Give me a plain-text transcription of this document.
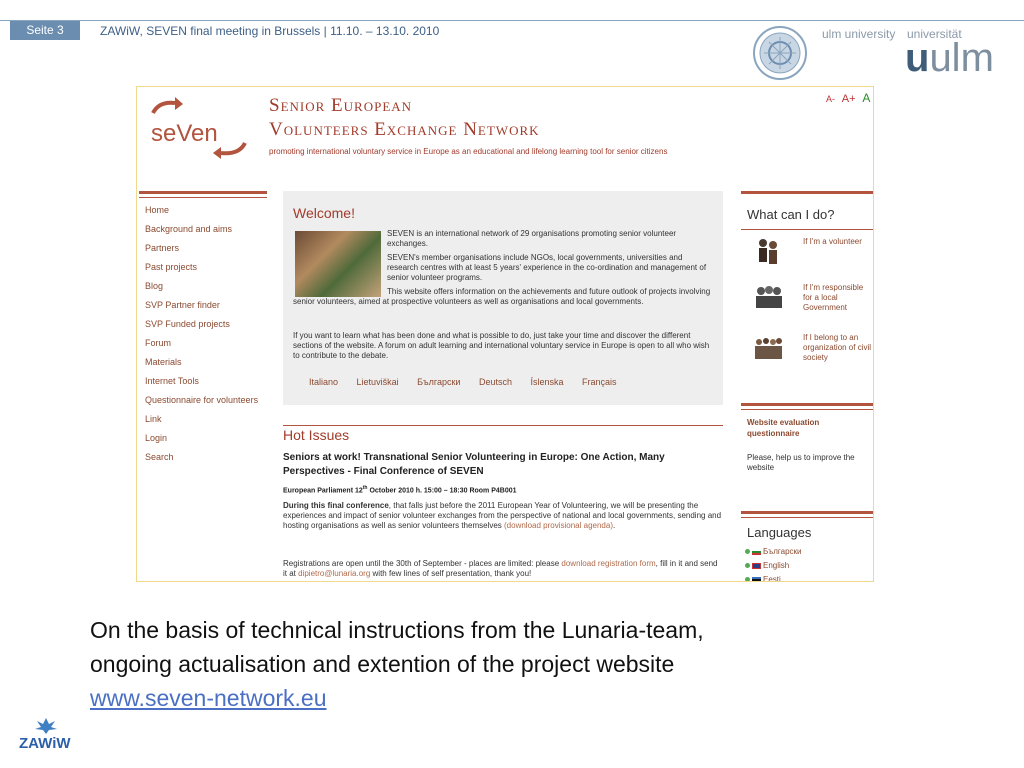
Seite 3	ZAWiW, SEVEN final meeting in Brussels | 11.10. – 13.10. 2010	ulm university universität
uulm
seVen
Senior European
Volunteers Exchange Network
promoting international voluntary service in Europe as an educational and lifelong learning tool for senior citizens
A- A+ A
Home
Background and aims
Partners
Past projects
Blog
SVP Partner finder
SVP Funded projects
Forum
Materials
Internet Tools
Questionnaire for volunteers
Link
Login
Search
Welcome!
SEVEN is an international network of 29 organisations promoting senior volunteer exchanges.
SEVEN's member organisations include NGOs, local governments, universities and research centres with at least 5 years' experience in the co-ordination and management of senior volunteer programs.
This website offers information on the achievements and future outlook of projects involving senior volunteers, aimed at prospective volunteers as well as organisations and local governments.
If you want to learn what has been done and what is possible to do, just take your time and discover the different sections of the website. A forum on adult learning and international voluntary service in Europe is open to all who wish to contribute to the debate.
Italiano Lietuviškai Български Deutsch Íslenska Français
Hot Issues
Seniors at work! Transnational Senior Volunteering in Europe: One Action, Many Perspectives - Final Conference of SEVEN
European Parliament 12th October 2010 h. 15:00 – 18:30 Room P4B001
During this final conference, that falls just before the 2011 European Year of Volunteering, we will be presenting the experiences and impact of senior volunteer exchanges from the perspective of national and local governments, sending and hosting organisations as well as senior volunteers themselves (download provisional agenda).
Registrations are open until the 30th of September - places are limited: please download registration form, fill in it and send it at dipietro@lunaria.org with few lines of self presentation, thank you!
What can I do?
If I'm a volunteer
If I'm responsible for a local Government
If I belong to an organization of civil society
Website evaluation questionnaire
Please, help us to improve the website
Languages
Български
English
Eesti
On the basis of technical instructions from the Lunaria-team,
ongoing actualisation and extention of the project website
www.seven-network.eu
ZAWiW
